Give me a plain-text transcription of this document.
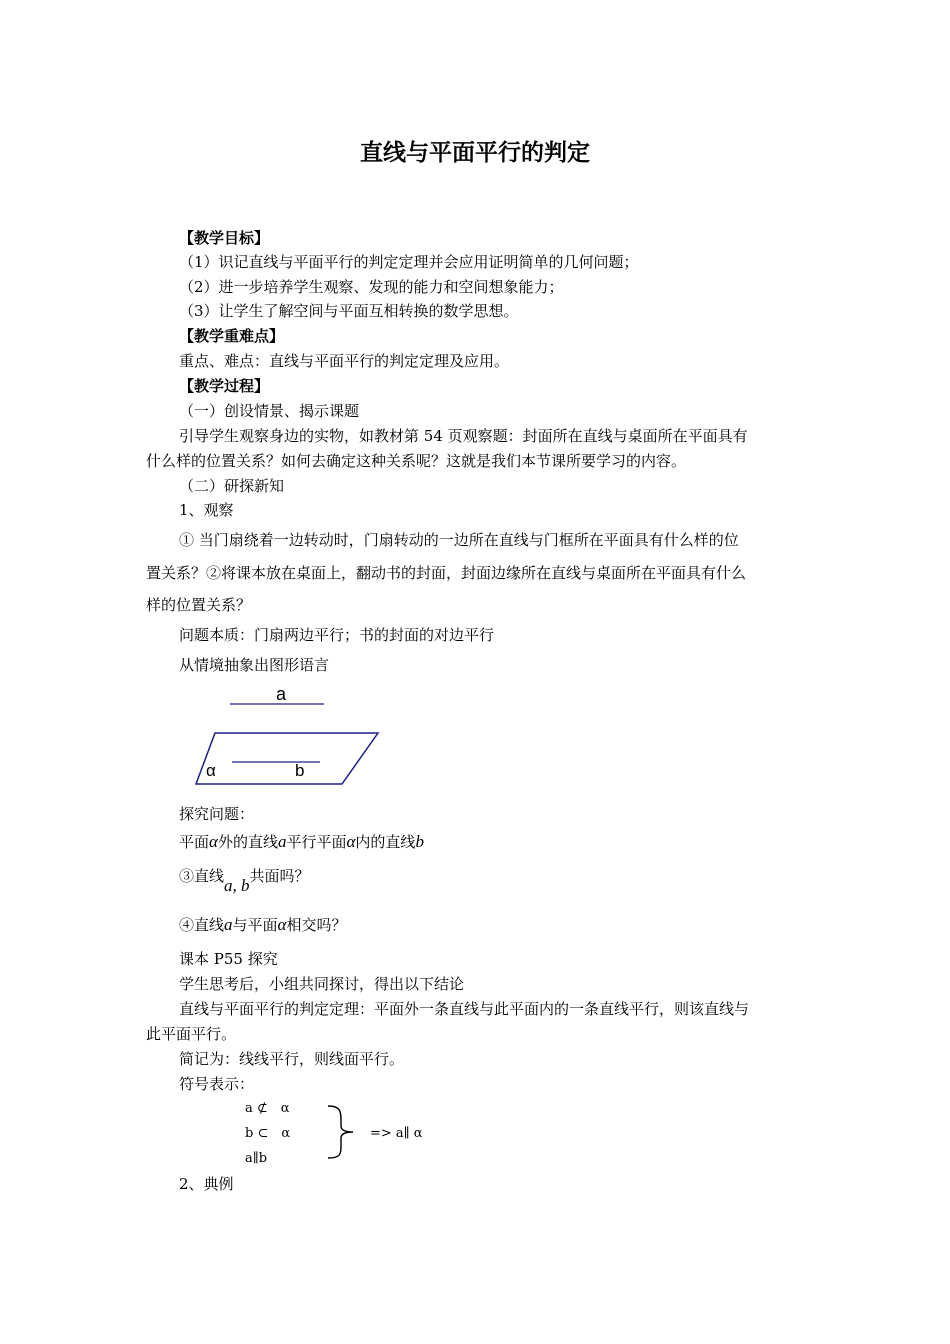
直线与平面平行的判定
【教学目标】
（1）识记直线与平面平行的判定定理并会应用证明简单的几何问题；
（2）进一步培养学生观察、发现的能力和空间想象能力；
（3）让学生了解空间与平面互相转换的数学思想。
【教学重难点】
重点、难点：直线与平面平行的判定定理及应用。
【教学过程】
（一）创设情景、揭示课题
引导学生观察身边的实物，如教材第 54 页观察题：封面所在直线与桌面所在平面具有
什么样的位置关系？如何去确定这种关系呢？这就是我们本节课所要学习的内容。
（二）研探新知
1、观察
① 当门扇绕着一边转动时，门扇转动的一边所在直线与门框所在平面具有什么样的位
置关系？②将课本放在桌面上，翻动书的封面，封面边缘所在直线与桌面所在平面具有什么
样的位置关系？
问题本质：门扇两边平行；书的封面的对边平行
从情境抽象出图形语言
a
α	b
探究问题：
平面α外的直线a平行平面α内的直线b
③直线a, b共面吗？
④直线a与平面α相交吗？
课本 P55 探究
学生思考后，小组共同探讨，得出以下结论
直线与平面平行的判定定理：平面外一条直线与此平面内的一条直线平行，则该直线与
此平面平行。
简记为：线线平行，则线面平行。
符号表示：
a ⊄　α
b ⊂　α
a∥b
=> a∥ α
2、典例
